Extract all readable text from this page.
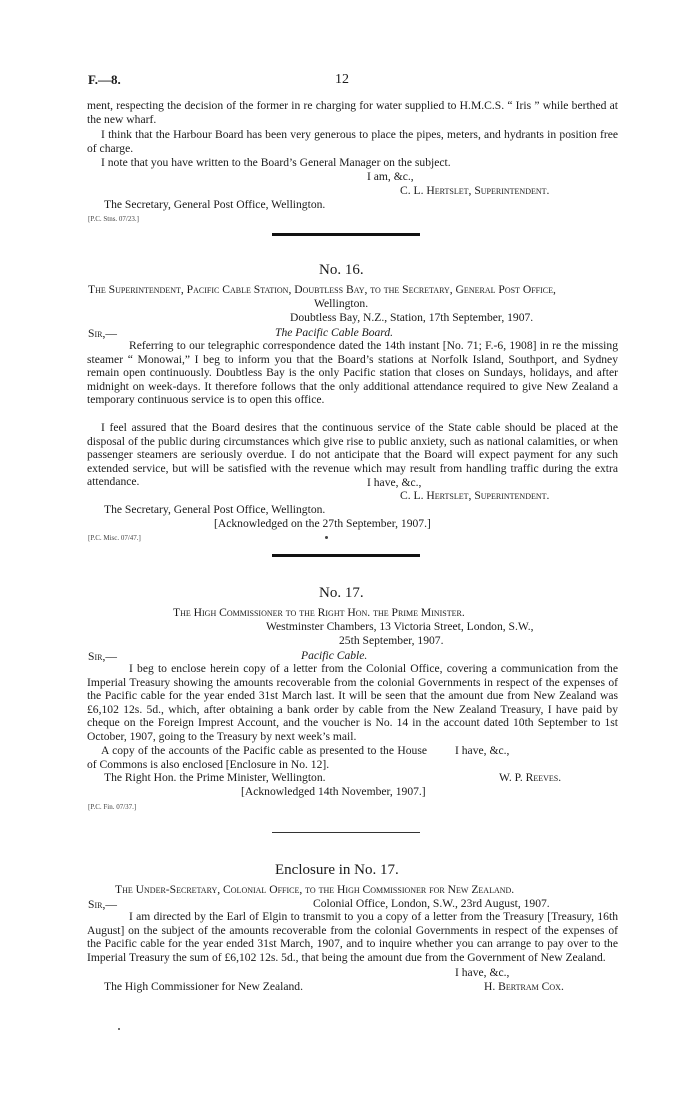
F.—8.	12
ment, respecting the decision of the former in re charging for water supplied to H.M.C.S. “ Iris ” while berthed at the new wharf.
I think that the Harbour Board has been very generous to place the pipes, meters, and hydrants in position free of charge.
I note that you have written to the Board’s General Manager on the subject.
I am, &c.,
C. L. Hertslet, Superintendent.
The Secretary, General Post Office, Wellington.
[P.C. Stns. 07/23.]
No. 16.
The Superintendent, Pacific Cable Station, Doubtless Bay, to the Secretary, General Post Office,
Wellington.
Doubtless Bay, N.Z., Station, 17th September, 1907.
Sir,—	The Pacific Cable Board.
Referring to our telegraphic correspondence dated the 14th instant [No. 71; F.-6, 1908] in re the missing steamer “ Monowai,” I beg to inform you that the Board’s stations at Norfolk Island, Southport, and Sydney remain open continuously. Doubtless Bay is the only Pacific station that closes on Sundays, holidays, and after midnight on week-days. It therefore follows that the only additional attendance required to give New Zealand a temporary continuous service is to open this office.
I feel assured that the Board desires that the continuous service of the State cable should be placed at the disposal of the public during circumstances which give rise to public anxiety, such as national calamities, or when passenger steamers are seriously overdue. I do not anticipate that the Board will expect payment for any such extended service, but will be satisfied with the revenue which may result from handling traffic during the extra attendance.	I have, &c.,
C. L. Hertslet, Superintendent.
The Secretary, General Post Office, Wellington.
[Acknowledged on the 27th September, 1907.]
[P.C. Misc. 07/47.]
No. 17.
The High Commissioner to the Right Hon. the Prime Minister.
Westminster Chambers, 13 Victoria Street, London, S.W.,
25th September, 1907.
Sir,—	Pacific Cable.
I beg to enclose herein copy of a letter from the Colonial Office, covering a communication from the Imperial Treasury showing the amounts recoverable from the colonial Governments in respect of the expenses of the Pacific cable for the year ended 31st March last. It will be seen that the amount due from New Zealand was £6,102 12s. 5d., which, after obtaining a bank order by cable from the New Zealand Treasury, I have paid by cheque on the Foreign Imprest Account, and the voucher is No. 14 in the account dated 10th September to 1st October, 1907, going to the Treasury by next week’s mail.
A copy of the accounts of the Pacific cable as presented to the House of Commons is also enclosed [Enclosure in No. 12].
I have, &c.,
The Right Hon. the Prime Minister, Wellington.	W. P. Reeves.
[Acknowledged 14th November, 1907.]
[P.C. Fin. 07/37.]
Enclosure in No. 17.
The Under-Secretary, Colonial Office, to the High Commissioner for New Zealand.
Sir,—	Colonial Office, London, S.W., 23rd August, 1907.
I am directed by the Earl of Elgin to transmit to you a copy of a letter from the Treasury [Treasury, 16th August] on the subject of the amounts recoverable from the colonial Governments in respect of the expenses of the Pacific cable for the year ended 31st March, 1907, and to inquire whether you can arrange to pay over to the Imperial Treasury the sum of £6,102 12s. 5d., that being the amount due from the Government of New Zealand.
I have, &c.,
The High Commissioner for New Zealand.	H. Bertram Cox.
